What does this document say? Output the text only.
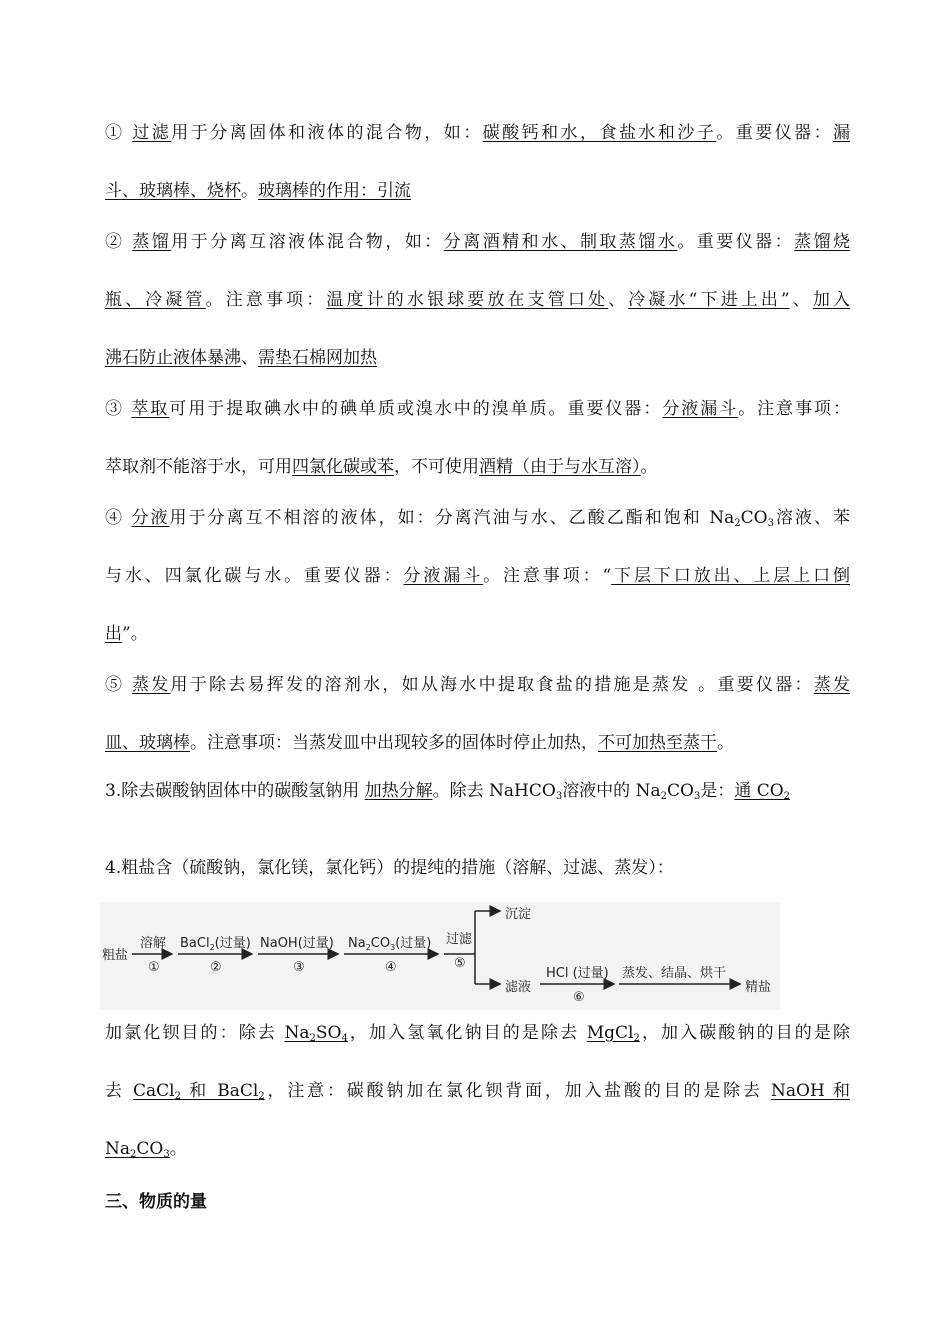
① 过滤用于分离固体和液体的混合物，如：碳酸钙和水，食盐水和沙子。重要仪器：漏
斗、玻璃棒、烧杯。玻璃棒的作用：引流
② 蒸馏用于分离互溶液体混合物，如：分离酒精和水、制取蒸馏水。重要仪器：蒸馏烧
瓶、冷凝管。注意事项：温度计的水银球要放在支管口处、冷凝水“下进上出”、加入
沸石防止液体暴沸、需垫石棉网加热
③ 萃取可用于提取碘水中的碘单质或溴水中的溴单质。重要仪器：分液漏斗。注意事项：
萃取剂不能溶于水，可用四氯化碳或苯，不可使用酒精（由于与水互溶）。
④ 分液用于分离互不相溶的液体，如：分离汽油与水、乙酸乙酯和饱和 $Na_2CO_3$溶液、苯
与水、四氯化碳与水。重要仪器：分液漏斗。注意事项：“下层下口放出、上层上口倒
出”。
⑤ 蒸发用于除去易挥发的溶剂水，如从海水中提取食盐的措施是蒸发 。重要仪器：蒸发
皿、玻璃棒。注意事项：当蒸发皿中出现较多的固体时停止加热，不可加热至蒸干。
3.除去碳酸钠固体中的碳酸氢钠用 加热分解。除去 NaHCO$_3$溶液中的 $Na_2CO_3$是：通 $CO_2$
4.粗盐含（硫酸钠，氯化镁，氯化钙）的提纯的措施（溶解、过滤、蒸发）：
粗盐
溶解
①
BaCl$_2$(过量)
②
NaOH(过量)
③
$Na_2CO_3$(过量)
④
过滤
⑤
沉淀
滤液
HCl (过量)
⑥
蒸发、结晶、烘干
精盐
加氯化钡目的：除去 $Na_2SO_4$，加入氢氧化钠目的是除去 MgCl$_2$，加入碳酸钠的目的是除
去 CaCl$_2$ 和 BaCl$_2$，注意：碳酸钠加在氯化钡背面，加入盐酸的目的是除去 NaOH 和
$Na_2CO_3$。
三、物质的量
